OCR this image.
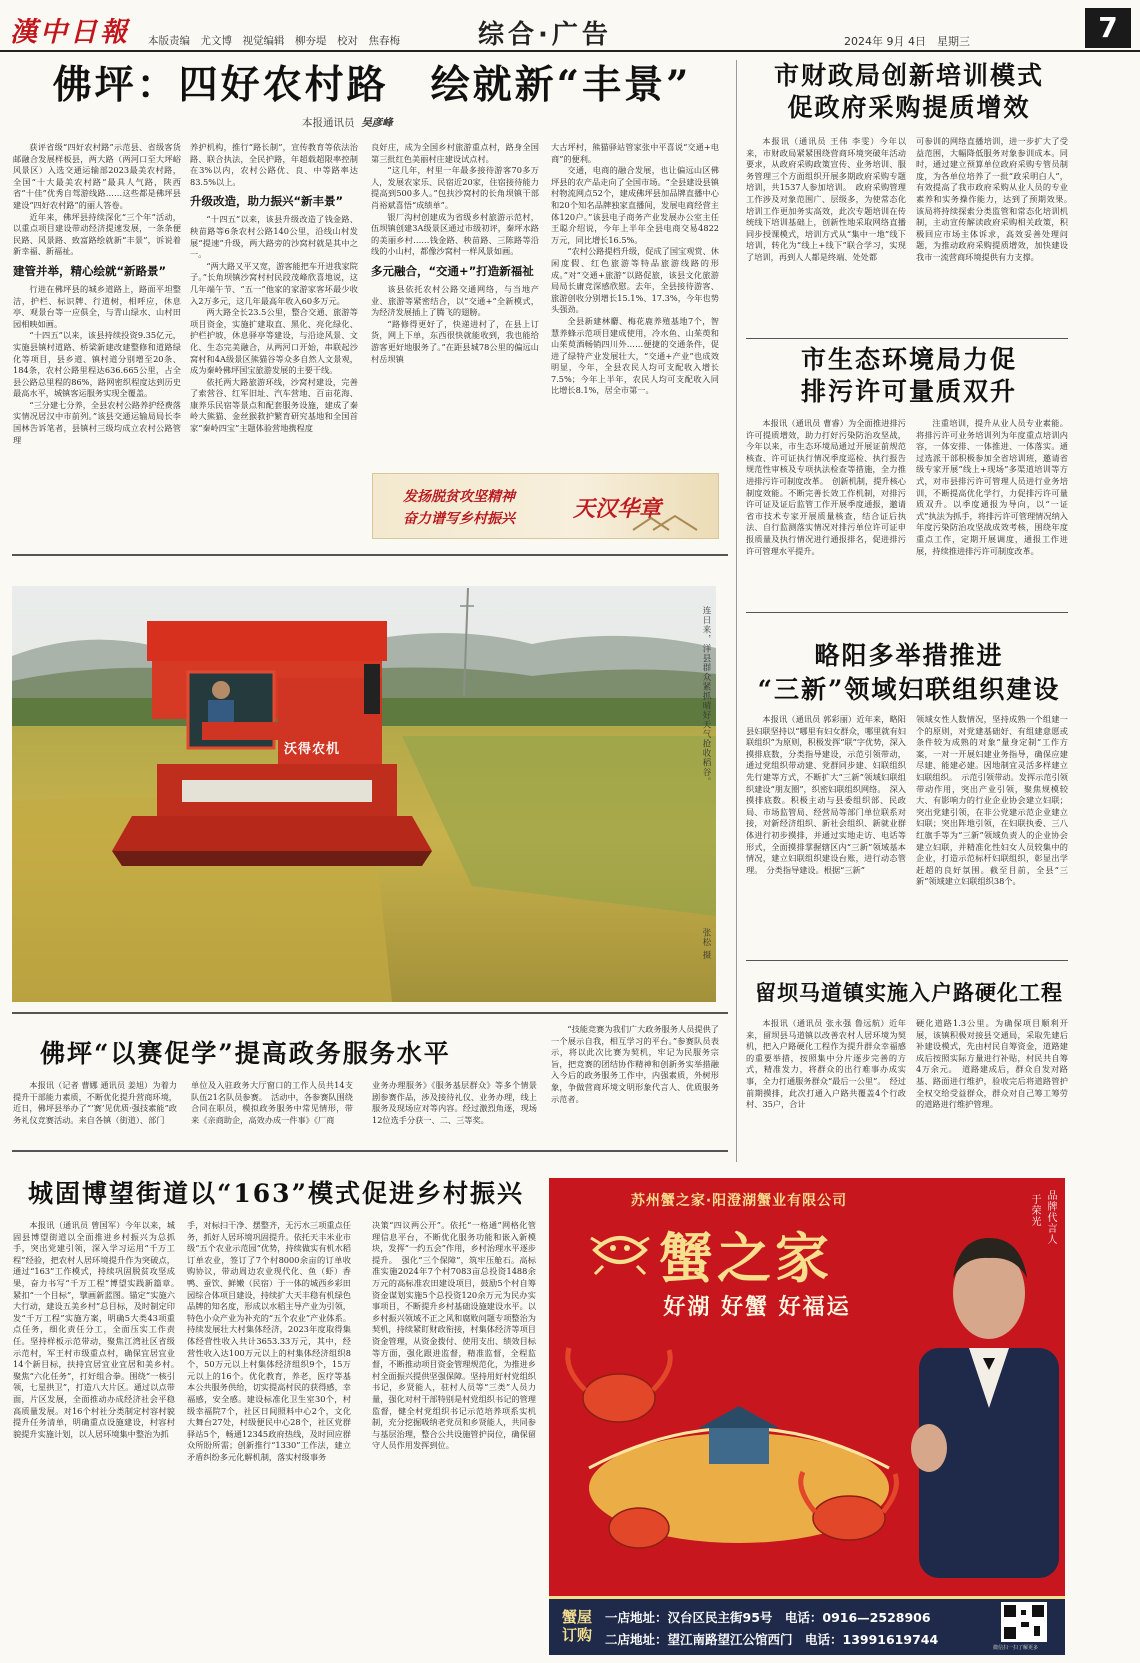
漢中日報 本版责编　尤文博　视觉编辑　柳夯堤　校对　焦春梅	综合·广告	2024年 9月 4日　星期三	7
佛坪：四好农村路　绘就新“丰景”
本报通讯员 吴彦峰

获评省级“四好农村路”示范县、省级客货邮融合发展样板县，两大路（两河口至大坪峪风景区）入选交通运输部2023最美农村路，全国“十大最美农村路”最具人气路，陕西省“十佳”优秀自驾游线路……这些都是佛坪县建设“四好农村路”的丽人答卷。

近年来，佛坪县持续深化“三个年”活动，以重点项目建设带动经济提速发展，一条条便民路、风景路、致富路绘就新“丰景”，诉说着新幸福、新福祉。

建管并举，精心绘就“新路景”

行进在佛坪县的城乡道路上，路面平坦整洁，护栏、标识牌、行道树，相呼应，休息亭、观景台等一应俱全，与青山绿水、山村田园相映如画。

“十四五”以来，该县持续投资9.35亿元，实施县镇村道路、桥梁新建改建整修和道路绿化等项目，县乡道、镇村道分别增至20条、184条，农村公路里程达636.665公里，占全县公路总里程的86%，路网密织程度达到历史最高水平，城镇客运服务实现全覆盖。

“三分建七分养，全县农村公路养护经费落实情况居汉中市前列。”该县交通运输局局长李国林告诉笔者，县镇村三级均成立农村公路管理

养护机构，推行“路长制”，宣传教育等依法治路、联合执法，全民护路，年超载超限率控制在3%以内，农村公路优、良、中等路率达83.5%以上。

升级改造，助力振兴“新丰景”

“十四五”以来，该县升级改造了钱金路、秧苗路等6条农村公路140公里，沿线山村发展“提速”升级，两大路旁的沙窝村就是其中之一。

“两大路又平又宽，游客能把车开进我家院子。”长角坝镇沙窝村村民段茂峰欣喜地说，这几年端午节、“五一”他家的家游家客坏最少收入2万多元，这几年最高年收入60多万元。

两大路全长23.5公里，整合交通、旅游等项目资金，实施扩建取直、黑化、亮化绿化、护栏护坡，休息驿亭等建设，与沿途风景、文化、生态完美融合，从两河口开始，串联起沙窝村和4A级景区熊猫谷等众多自然人文景观，成为秦岭佛坪国宝旅游发展的主要干线。

依托两大路旅游环线，沙窝村建设，完善了索营谷、红军旧址、汽车营地、百亩花海、康养乐民宿等景点和配套服务设施，建成了秦岭大熊猫、金丝猴救护繁育研究基地和全国首家“秦岭四宝”主题体验营地携程度

良好庄，成为全国乡村旅游重点村，路身全国第三批红色美丽村庄建设试点村。

“这几年，村里一年最多接待游客70多万人，发展农家乐、民宿近20家，住宿接待能力提高到500多人。”包扶沙窝村的长角坝镇干部肖裕斌喜悟“成绩单”。

银厂沟村创建成为省级乡村旅游示范村，伍坝镇创建3A级景区通过市级初评，秦坪水路的美丽乡村……钱金路、秧苗路、三陈路等沿线的小山村，都像沙窝村一样风景如画。

多元融合，“交通+”打造新福祉

该县依托农村公路交通网络，与当地产业、旅游等紧密结合，以“交通+”全新模式，为经济发展插上了腾飞的翅膀。

“路修得更好了，快递进村了，在县上订货，网上下单，东西很快就能收到，我也能给游客更好地服务了。”在距县城78公里的偏远山村岳坝镇

大古坪村，熊猫驿站管家张中平喜说“交通+电商”的便利。

交通，电商的融合发展，也让偏远山区佛坪县的农产品走向了全国市场。“全县建设县镇村物流网点52个，建成佛坪县加品牌直播中心和20个知名品牌独家直播间，发展电商经营主体120户。”该县电子商务产业发展办公室主任王聪介绍说，今年上半年全县电商交易4822万元，同比增长16.5%。

“农村公路提档升级，促成了国宝观赏、休闲度假、红色旅游等特品旅游线路的形成。”对“交通+旅游”以路促旅，该县文化旅游局局长庸竞深感欣慰。去年，全县接待游客、旅游创收分别增长15.1%、17.3%，今年也势头强劲。

全县新建林麝、梅花鹿养殖基地7个，智慧养蜂示范项目建成使用，冷水鱼、山茱萸和山茱萸酒畅销四川外……便捷的交通条件，促进了绿特产业发展壮大，“交通+产业”也成效明显，今年，全县农民人均可支配收入增长7.5%；今年上半年，农民人均可支配收入同比增长8.1%，居全市第一。

发扬脱贫攻坚精神
奋力谱写乡村振兴	天汉华章
沃得农机	连日来，洋县群众紧抓晴好天气抢收稻谷。
张松 摄
佛坪“以赛促学”提高政务服务水平
本报讯（记者 曹娜 通讯员 姜旭）为着力提升干部能力素质，不断优化提升营商环境，近日，佛坪县举办了“‘赛’见优质·强技素能”政务礼仪竞赛活动。来自各镇（街道）、部门
单位及入驻政务大厅窗口的工作人员共14支队伍21名队员参赛。　活动中，各参赛队围绕合同在职员，模拟政务服务中常见情形，带来《亲商助企，高效办成一件事》《厂商
业务办理服务》《服务基层群众》等多个情景剧参赛作品，涉及接待礼仪、业务办理，线上服务及现场应对等内容。经过激烈角逐，现场12位选手分获一、二、三等奖。
“技能竞赛为我们广大政务服务人员提供了一个展示自我，相互学习的平台。”参赛队员表示，将以此次比赛为契机，牢记为民服务宗旨，把竞赛的团结协作精神和创新务实举措融入今后的政务服务工作中，内强素质，外树形象，争做营商环境文明形象代言人、优质服务示范者。
城固博望街道以“163”模式促进乡村振兴
本报讯（通讯员 曾国军）今年以来，城固县博望街道以全面推进乡村振兴为总抓手，突出党建引领，深入学习运用“千万工程”经验，把农村人居环境提升作为突破点，通过“163”工作模式，持续巩固脱贫攻坚成果，奋力书写“千万工程”博望实践新篇章。　紧扣“一个目标”，擘画新蓝图。锚定“实施六大行动，建设五美乡村”总目标，及时制定印发“千万工程”实施方案，明确5大类43项重点任务，细化责任分工，全面压实工作责任。坚持样板示范带动，聚焦江湾社区省级示范村，军王村市级重点村，确保宜居宜业14个新目标，扶持宜居宜业宜居和美乡村。　聚焦“六化任务”，打好组合拳。围绕“一核引领，七星拱卫”，打造八大片区。通过以点带面，片区发展，全面推动办成经济社会平稳高质量发展。对16个村社分类制定村容村貌提升任务清单，明确重点设施建设，村容村貌提升实施计划，以人居环境集中整治为抓
手，对标扫干净、摆整齐，无污水三项重点任务，抓好人居环境巩固提升。依托天丰米业市级“五个农业示范园”优势，持续做实有机水稻订单农业，签订了7个村8000余亩的订单收购协议，带动周边农业现代化、鱼（虾）香鸭、蚕饮、鲜嫩（民宿）于一体的城西乡彩田园综合体项目建设，持续扩大天丰稳有机绿色品牌的知名度，形成以水稻主导产业为引领，特色小众产业为补充的“五个农业”产业体系。持续发展壮大村集体经济，2023年度取得集体经营性收入共计3653.33万元，其中，经营性收入达100万元以上的村集体经济组织8个，50万元以上村集体经济组织9个，15万元以上的16个。优化教育，养老，医疗等基本公共服务供给，切实提高村民的获得感，幸福感，安全感。建设标准化卫生室30个，村级幸福院7个，社区日间照料中心2个，文化大舞台27处，村级便民中心28个，社区党群驿站5个，畅通12345政府热线，及时回应群众所盼所需；创新推行“1330”工作法，建立矛盾纠纷多元化解机制，落实村级事务
决策“四议两公开”。依托“一格通”网格化管理信息平台，不断优化服务功能和嵌入新模块，发挥“一约五会”作用，乡村治理水平逐步提升。　强化“三个保障”，筑牢压舱石。高标准实施2024年7个村7083亩总投资1488余万元的高标准农田建设项目，鼓励5个村自筹资金谋划实施5个总投资120余万元为民办实事项目，不断提升乡村基础设施建设水平。以乡村振兴领域不正之风和腐败问题专项整治为契机，持续紧盯财政衔接，村集体经济等项目资金管理，从资金拨付、使用支出、绩效目标等方面，强化跟进监督，精准监督，全程监督，不断推动项目资金管理规范化，为推进乡村全面振兴提供坚强保障。坚持用好村党组织书记，乡贤能人，驻村人员等“三类”人员力量，强化对村干部特别是村党组织书记的管理监督，健全村党组织书记示范培养项系实机制，充分挖掘吸纳老党员和乡贤能人，共同参与基层治理，整合公共设施管护岗位，确保留守人员作用发挥到位。
市财政局创新培训模式
促政府采购提质增效
本报讯（通讯员 王伟 李雯）今年以来，市财政局紧紧围绕营商环境突破年活动要求，从政府采购政策宣传、业务培训、服务管理三个方面组织开展多期政府采购专题培训，共1537人参加培训。　政府采购管理工作涉及对象范围广、层级多，为使常态化培训工作更加务实高效，此次专题培训在传统线下培训基础上，创新性地采取网络直播同步授课模式，培训方式从“集中一地”线下培训，转化为“线上+线下”联合学习，实现了培训，再到人人都是终端、处处都
可参训的网络直播培训，进一步扩大了受益范围，大幅降低服务对象参训成本。同时，通过建立预算单位政府采购专管员制度，为各单位培养了一批“政采明白人”，有效提高了我市政府采购从业人员的专业素养和实务操作能力，达到了预期效果。　该局将持续探索分类监管和常态化培训机制，主动宣传解读政府采购相关政策，积极回应市场主体诉求，高效妥善处理问题，为推动政府采购提质增效，加快建设我市一流营商环境提供有力支撑。
市生态环境局力促
排污许可量质双升
本报讯（通讯员 曹睿）为全面推进排污许可提质增效，助力打好污染防治攻坚战，今年以来，市生态环境局通过开展证前规范核查、许可证执行情况季度巡检、执行报告规范性审核及专项执法检查等措施，全力推进排污许可制度改革。　创新机制，提升核心制度效能。不断完善长效工作机制，对排污许可证及证后监管工作开展季度通报，邀请省市技术专家开展质量核查，结合证后执法、自行监测落实情况对排污单位许可证申报质量及执行情况进行通报排名，促进排污许可管理水平提升。
注重培训，提升从业人员专业素能。将排污许可业务培训列为年度重点培训内容，一体安排、一体推进、一体落实。通过选派干部积极参加全省培训班，邀请省级专家开展“线上+现场”多渠道培训等方式，对市县排污许可管理人员进行业务培训，不断提高优化学行，力促排污许可量质双升。以季度通报为导向，以“一证式”执法为抓手，将排污许可管理情况纳入年度污染防治攻坚战成效考核，围绕年度重点工作，定期开展调度，通报工作进展，持续推进排污许可制度改革。
略阳多举措推进
“三新”领域妇联组织建设
本报讯（通讯员 郭彩丽）近年来，略阳县妇联坚持以“哪里有妇女群众，哪里就有妇联组织”为原则，积极发挥“联”字优势，深入摸排底数，分类指导建设，示范引领带动，通过党组织带动建、党群同步建、妇联组织先行建等方式，不断扩大“三新”领域妇联组织建设“朋友圈”，织密妇联组织网络。　深入摸排底数。积极主动与县委组织部、民政局、市场监管局、经营局等部门单位联系对接，对新经济组织、新社会组织、新就业群体进行初步摸排，并通过实地走访、电话等形式，全面摸排掌握辖区内“三新”领域基本情况，建立妇联组织建设台账，进行动态管理。　分类指导建设。根据“三新”
领域女性人数情况，坚持成熟一个组建一个的原则，对党建基础好、有组建意愿或条件较为成熟的对象“量身定制”工作方案，一对一开展妇建业务指导，确保应建尽建、能建必建。因地制宜灵活多样建立妇联组织。　示范引领带动。发挥示范引领带动作用，突出产业引领，聚焦规模较大、有影响力的行业企业协会建立妇联；突出党建引领，在非公党建示范企业建立妇联；突出阵地引领，在妇联执委、三八红旗手等为“三新”领域负责人的企业协会建立妇联，并精准化性妇女人员较集中的企业，打造示范标杆妇联组织，彰显出学赶超的良好氛围。截至目前，全县“三新”领域建立妇联组织38个。
留坝马道镇实施入户路硬化工程
本报讯（通讯员 张永强 鲁远航）近年来，留坝县马道镇以改善农村人居环境为契机，把入户路硬化工程作为提升群众幸福感的重要举措，按照集中分片逐步完善的方式，精准发力，将群众的出行难事办成实事，全力打通服务群众“最后一公里”。　经过前期摸排，此次打通入户路共覆盖4个行政村、35户，合计
硬化道路1.3公里。为确保项目顺利开展，该镇积极对接县交通局，采取先建后补建设模式，先由村民自筹资金，道路建成后按照实际方量进行补贴，村民共自筹4万余元。　道路建成后，群众自发对路基、路面进行维护，验收完后将道路管护全权交给受益群众，群众对自己筹工筹劳的道路进行维护管理。
苏州蟹之家·阳澄湖蟹业有限公司
蟹之家
好湖 好蟹 好福运
品牌代言人
于荣光
蟹屋订购
一店地址：汉台区民主街95号　电话：0916—2528906
二店地址：望江南路望江公馆西门　电话：13991619744
微信扫一扫了解更多
